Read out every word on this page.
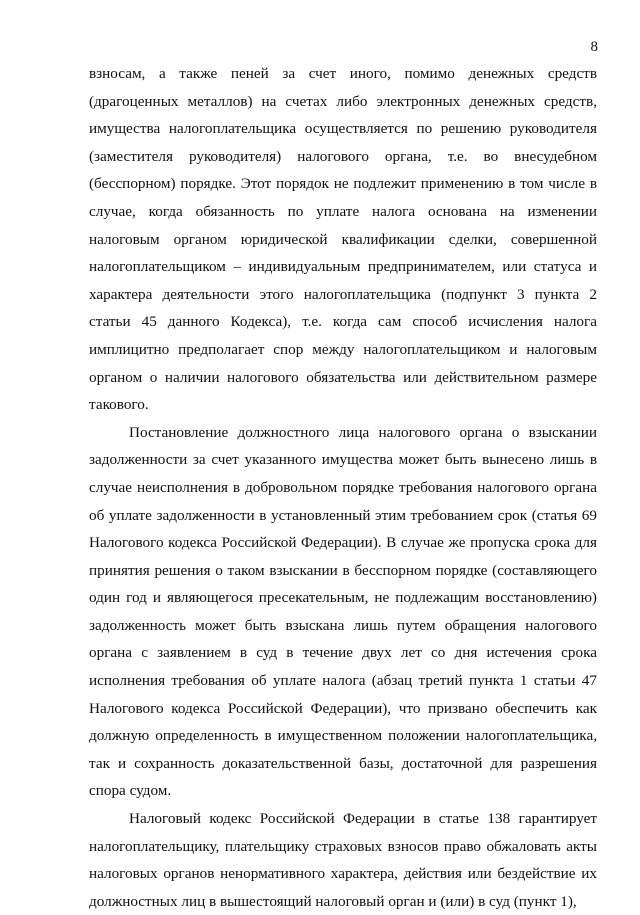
8

взносам, а также пеней за счет иного, помимо денежных средств (драгоценных металлов) на счетах либо электронных денежных средств, имущества налогоплательщика осуществляется по решению руководителя (заместителя руководителя) налогового органа, т.е. во внесудебном (бесспорном) порядке. Этот порядок не подлежит применению в том числе в случае, когда обязанность по уплате налога основана на изменении налоговым органом юридической квалификации сделки, совершенной налогоплательщиком – индивидуальным предпринимателем, или статуса и характера деятельности этого налогоплательщика (подпункт 3 пункта 2 статьи 45 данного Кодекса), т.е. когда сам способ исчисления налога имплицитно предполагает спор между налогоплательщиком и налоговым органом о наличии налогового обязательства или действительном размере такового.

Постановление должностного лица налогового органа о взыскании задолженности за счет указанного имущества может быть вынесено лишь в случае неисполнения в добровольном порядке требования налогового органа об уплате задолженности в установленный этим требованием срок (статья 69 Налогового кодекса Российской Федерации). В случае же пропуска срока для принятия решения о таком взыскании в бесспорном порядке (составляющего один год и являющегося пресекательным, не подлежащим восстановлению) задолженность может быть взыскана лишь путем обращения налогового органа с заявлением в суд в течение двух лет со дня истечения срока исполнения требования об уплате налога (абзац третий пункта 1 статьи 47 Налогового кодекса Российской Федерации), что призвано обеспечить как должную определенность в имущественном положении налогоплательщика, так и сохранность доказательственной базы, достаточной для разрешения спора судом.

Налоговый кодекс Российской Федерации в статье 138 гарантирует налогоплательщику, плательщику страховых взносов право обжаловать акты налоговых органов ненормативного характера, действия или бездействие их должностных лиц в вышестоящий налоговый орган и (или) в суд (пункт 1),
